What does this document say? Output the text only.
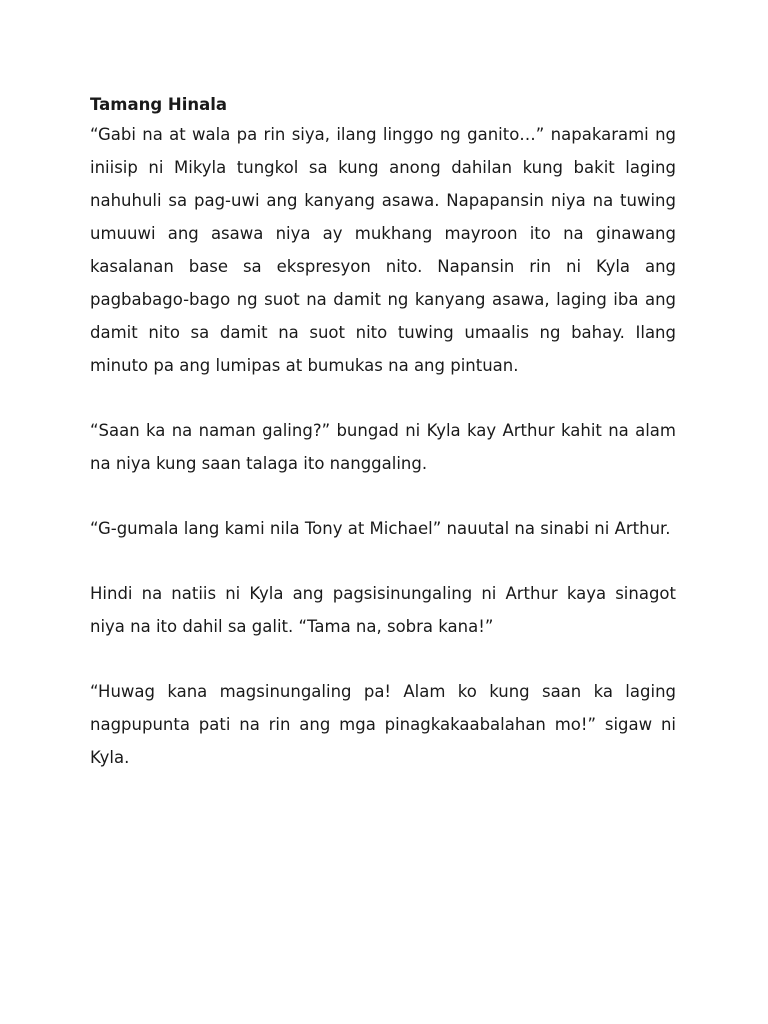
Tamang Hinala

“Gabi na at wala pa rin siya, ilang linggo ng ganito…” napakarami ng iniisip ni Mikyla tungkol sa kung anong dahilan kung bakit laging nahuhuli sa pag-uwi ang kanyang asawa. Napapansin niya na tuwing umuuwi ang asawa niya ay mukhang mayroon ito na ginawang kasalanan base sa ekspresyon nito. Napansin rin ni Kyla ang pagbabago-bago ng suot na damit ng kanyang asawa, laging iba ang damit nito sa damit na suot nito tuwing umaalis ng bahay. Ilang minuto pa ang lumipas at bumukas na ang pintuan.

“Saan ka na naman galing?” bungad ni Kyla kay Arthur kahit na alam na niya kung saan talaga ito nanggaling.

“G-gumala lang kami nila Tony at Michael” nauutal na sinabi ni Arthur.

Hindi na natiis ni Kyla ang pagsisinungaling ni Arthur kaya sinagot niya na ito dahil sa galit. “Tama na, sobra kana!”

“Huwag kana magsinungaling pa! Alam ko kung saan ka laging nagpupunta pati na rin ang mga pinagkakaabalahan mo!” sigaw ni Kyla.
